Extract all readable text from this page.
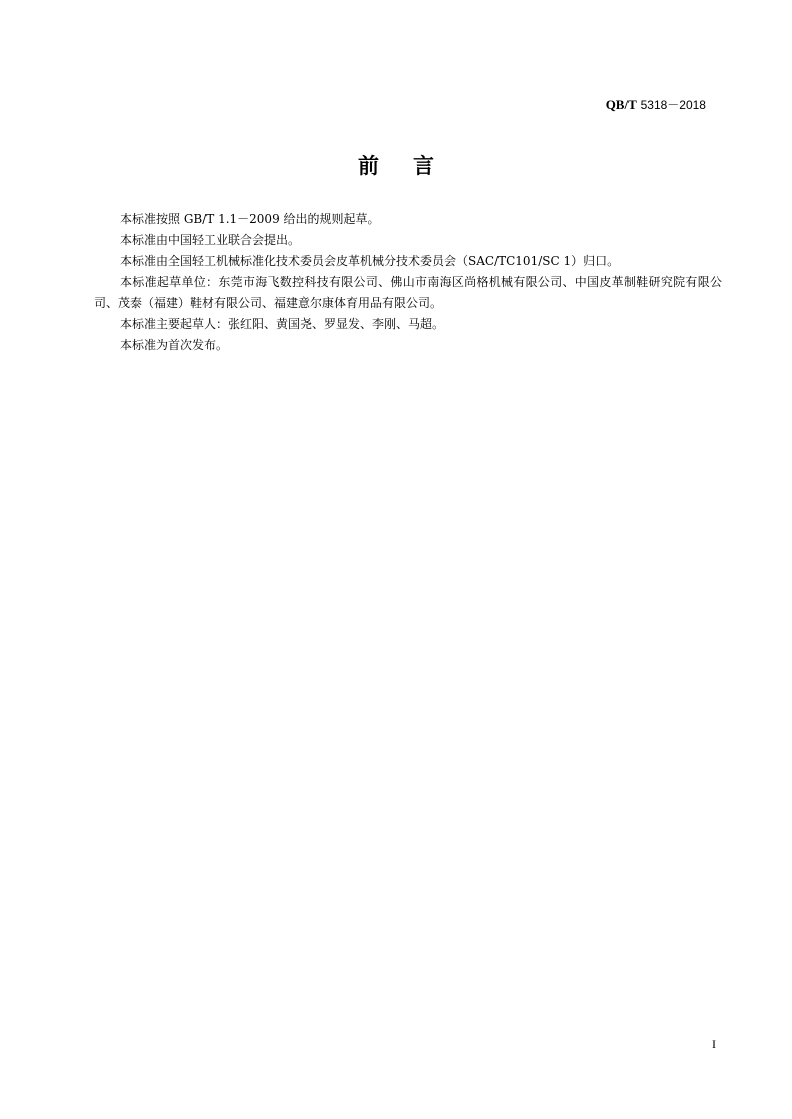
QB/T 5318－2018
前言

本标准按照 GB/T 1.1－2009 给出的规则起草。

本标准由中国轻工业联合会提出。

本标准由全国轻工机械标准化技术委员会皮革机械分技术委员会（SAC/TC101/SC 1）归口。

本标准起草单位：东莞市海飞数控科技有限公司、佛山市南海区尚格机械有限公司、中国皮革制鞋研究院有限公司、茂泰（福建）鞋材有限公司、福建意尔康体育用品有限公司。

本标准主要起草人：张红阳、黄国尧、罗显发、李刚、马超。

本标准为首次发布。

I
